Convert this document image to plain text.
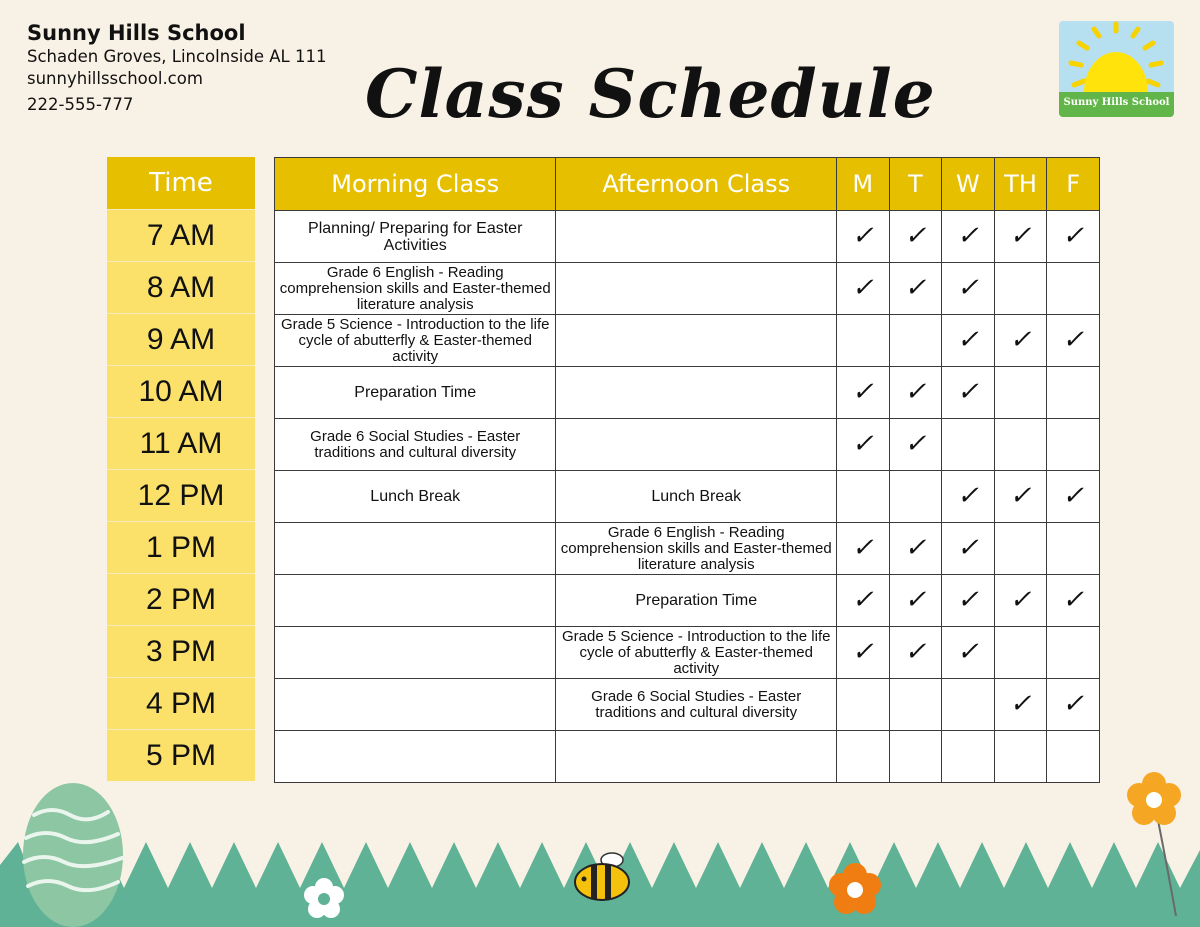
Sunny Hills School
Schaden Groves, Lincolnside AL 111
sunnyhillsschool.com
222-555-777	Class Schedule	Sunny Hills School
Time
7 AM
8 AM
9 AM
10 AM
11 AM
12 PM
1 PM
2 PM
3 PM
4 PM
5 PM
Morning Class	Afternoon Class	M	T	W	TH	F
Planning/ Preparing for Easter Activities		✓	✓	✓	✓	✓
Grade 6 English - Reading comprehension skills and Easter-themed literature analysis		✓	✓	✓		
Grade 5 Science - Introduction to the life cycle of abutterfly & Easter-themed activity				✓	✓	✓
Preparation Time		✓	✓	✓		
Grade 6 Social Studies - Easter traditions and cultural diversity		✓	✓			
Lunch Break	Lunch Break			✓	✓	✓
	Grade 6 English - Reading comprehension skills and Easter-themed literature analysis	✓	✓	✓		
	Preparation Time	✓	✓	✓	✓	✓
	Grade 5 Science - Introduction to the life cycle of abutterfly & Easter-themed activity	✓	✓	✓		
	Grade 6 Social Studies - Easter traditions and cultural diversity				✓	✓
